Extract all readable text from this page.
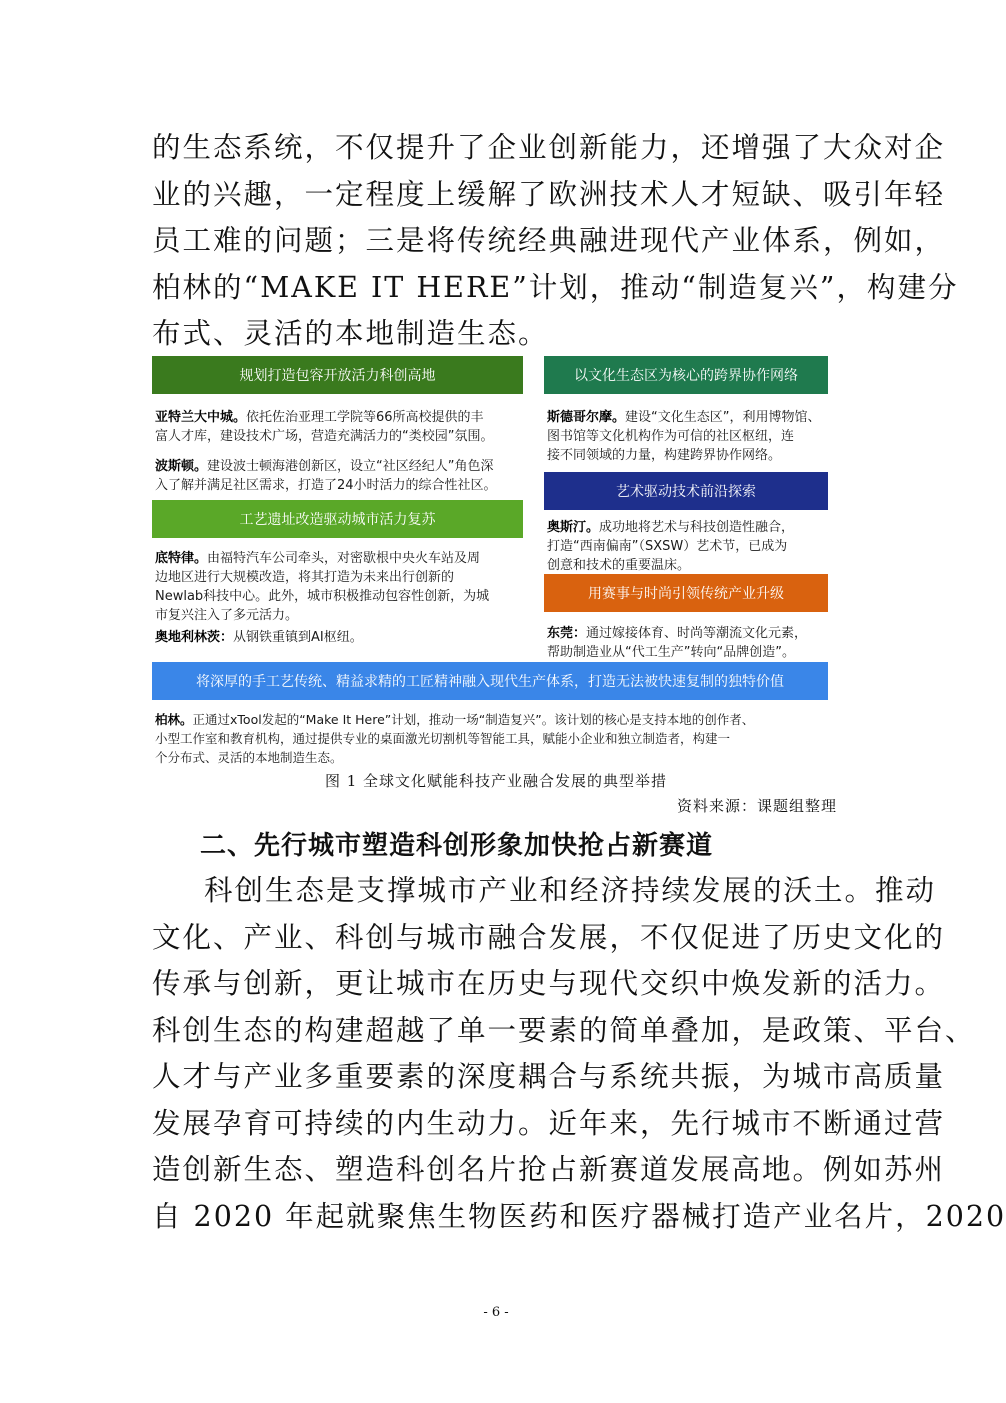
的生态系统，不仅提升了企业创新能力，还增强了大众对企
业的兴趣，一定程度上缓解了欧洲技术人才短缺、吸引年轻
员工难的问题；三是将传统经典融进现代产业体系，例如，
柏林的“MAKE IT HERE”计划，推动“制造复兴”，构建分
布式、灵活的本地制造生态。
规划打造包容开放活力科创高地
亚特兰大中城。依托佐治亚理工学院等66所高校提供的丰
富人才库，建设技术广场，营造充满活力的“类校园”氛围。
波斯顿。建设波士顿海港创新区，设立“社区经纪人”角色深
入了解并满足社区需求，打造了24小时活力的综合性社区。
工艺遗址改造驱动城市活力复苏
底特律。由福特汽车公司牵头，对密歇根中央火车站及周
边地区进行大规模改造，将其打造为未来出行创新的
Newlab科技中心。此外，城市积极推动包容性创新，为城
市复兴注入了多元活力。
奥地利林茨：从钢铁重镇到AI枢纽。
以文化生态区为核心的跨界协作网络
斯德哥尔摩。建设“文化生态区”，利用博物馆、
图书馆等文化机构作为可信的社区枢纽，连
接不同领域的力量，构建跨界协作网络。
艺术驱动技术前沿探索
奥斯汀。成功地将艺术与科技创造性融合，
打造“西南偏南”（SXSW）艺术节，已成为
创意和技术的重要温床。
用赛事与时尚引领传统产业升级
东莞：通过嫁接体育、时尚等潮流文化元素，
帮助制造业从“代工生产”转向“品牌创造”。
将深厚的手工艺传统、精益求精的工匠精神融入现代生产体系，打造无法被快速复制的独特价值
柏林。正通过xTool发起的“Make It Here”计划，推动一场“制造复兴”。该计划的核心是支持本地的创作者、
小型工作室和教育机构，通过提供专业的桌面激光切割机等智能工具，赋能小企业和独立制造者，构建一
个分布式、灵活的本地制造生态。
图 1 全球文化赋能科技产业融合发展的典型举措
资料来源：课题组整理
二、先行城市塑造科创形象加快抢占新赛道
科创生态是支撑城市产业和经济持续发展的沃土。推动
文化、产业、科创与城市融合发展，不仅促进了历史文化的
传承与创新，更让城市在历史与现代交织中焕发新的活力。
科创生态的构建超越了单一要素的简单叠加，是政策、平台、
人才与产业多重要素的深度耦合与系统共振，为城市高质量
发展孕育可持续的内生动力。近年来，先行城市不断通过营
造创新生态、塑造科创名片抢占新赛道发展高地。例如苏州
自 2020 年起就聚焦生物医药和医疗器械打造产业名片，2020
- 6 -
